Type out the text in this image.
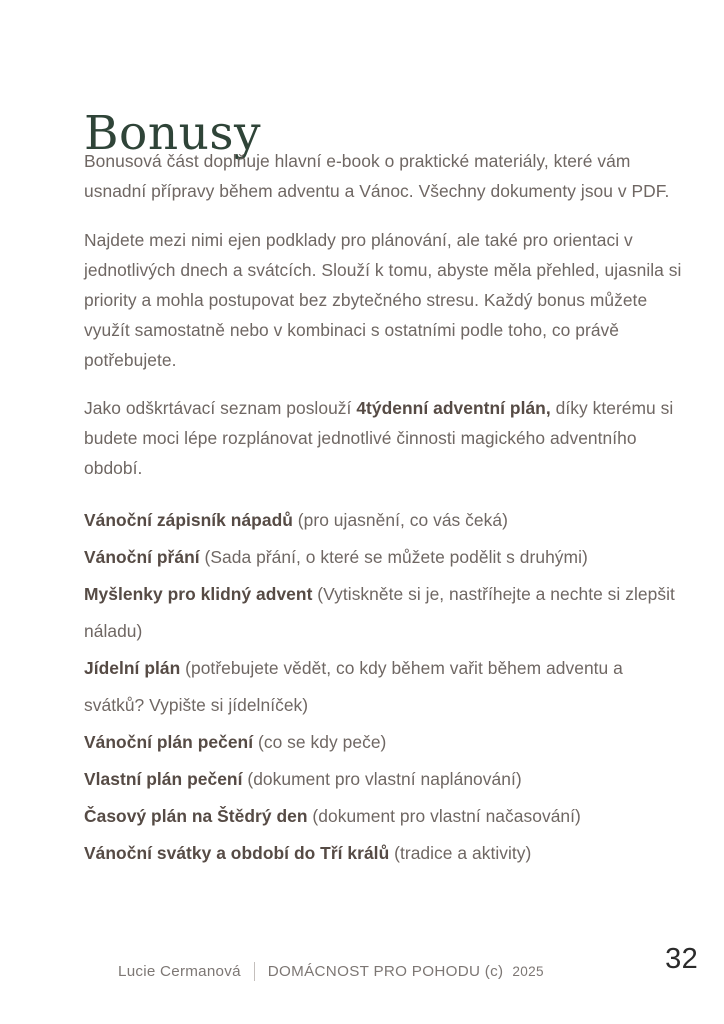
Bonusy

Bonusová část doplňuje hlavní e-book o praktické materiály, které vám usnadní přípravy během adventu a Vánoc. Všechny dokumenty jsou v PDF.

Najdete mezi nimi ejen podklady pro plánování, ale také pro orientaci v jednotlivých dnech a svátcích. Slouží k tomu, abyste měla přehled, ujasnila si priority a mohla postupovat bez zbytečného stresu. Každý bonus můžete využít samostatně nebo v kombinaci s ostatními podle toho, co právě potřebujete.

Jako odškrtávací seznam poslouží 4týdenní adventní plán, díky kterému si budete moci lépe rozplánovat jednotlivé činnosti magického adventního období.

Vánoční zápisník nápadů (pro ujasnění, co vás čeká)
Vánoční přání (Sada přání, o které se můžete podělit s druhými)
Myšlenky pro klidný advent (Vytiskněte si je, nastříhejte a nechte si zlepšit náladu)
Jídelní plán (potřebujete vědět, co kdy během vařit během adventu a svátků? Vypište si jídelníček)
Vánoční plán pečení (co se kdy peče)
Vlastní plán pečení (dokument pro vlastní naplánování)
Časový plán na Štědrý den (dokument pro vlastní načasování)
Vánoční svátky a období do Tří králů (tradice a aktivity)
Lucie Cermanová DOMÁCNOST PRO POHODU (c) 2025	32
